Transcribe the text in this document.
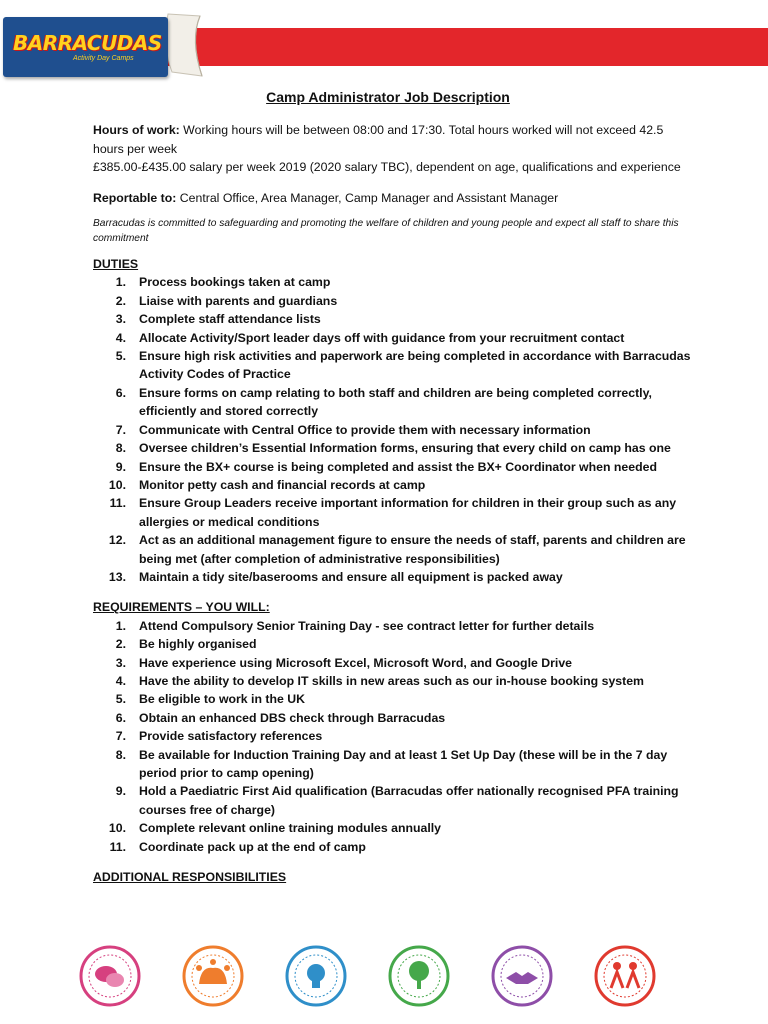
BARRACUDAS
Activity Day Camps
Camp Administrator Job Description

Hours of work: Working hours will be between 08:00 and 17:30. Total hours worked will not exceed 42.5 hours per week

£385.00-£435.00 salary per week 2019 (2020 salary TBC), dependent on age, qualifications and experience

Reportable to: Central Office, Area Manager, Camp Manager and Assistant Manager

Barracudas is committed to safeguarding and promoting the welfare of children and young people and expect all staff to share this commitment

DUTIES
1. Process bookings taken at camp
2. Liaise with parents and guardians
3. Complete staff attendance lists
4. Allocate Activity/Sport leader days off with guidance from your recruitment contact
5. Ensure high risk activities and paperwork are being completed in accordance with Barracudas Activity Codes of Practice
6. Ensure forms on camp relating to both staff and children are being completed correctly, efficiently and stored correctly
7. Communicate with Central Office to provide them with necessary information
8. Oversee children’s Essential Information forms, ensuring that every child on camp has one
9. Ensure the BX+ course is being completed and assist the BX+ Coordinator when needed
10. Monitor petty cash and financial records at camp
11. Ensure Group Leaders receive important information for children in their group such as any allergies or medical conditions
12. Act as an additional management figure to ensure the needs of staff, parents and children are being met (after completion of administrative responsibilities)
13. Maintain a tidy site/baserooms and ensure all equipment is packed away
REQUIREMENTS – YOU WILL:
1. Attend Compulsory Senior Training Day - see contract letter for further details
2. Be highly organised
3. Have experience using Microsoft Excel, Microsoft Word, and Google Drive
4. Have the ability to develop IT skills in new areas such as our in-house booking system
5. Be eligible to work in the UK
6. Obtain an enhanced DBS check through Barracudas
7. Provide satisfactory references
8. Be available for Induction Training Day and at least 1 Set Up Day (these will be in the 7 day period prior to camp opening)
9. Hold a Paediatric First Aid qualification (Barracudas offer nationally recognised PFA training courses free of charge)
10. Complete relevant online training modules annually
11. Coordinate pack up at the end of camp
ADDITIONAL RESPONSIBILITIES
